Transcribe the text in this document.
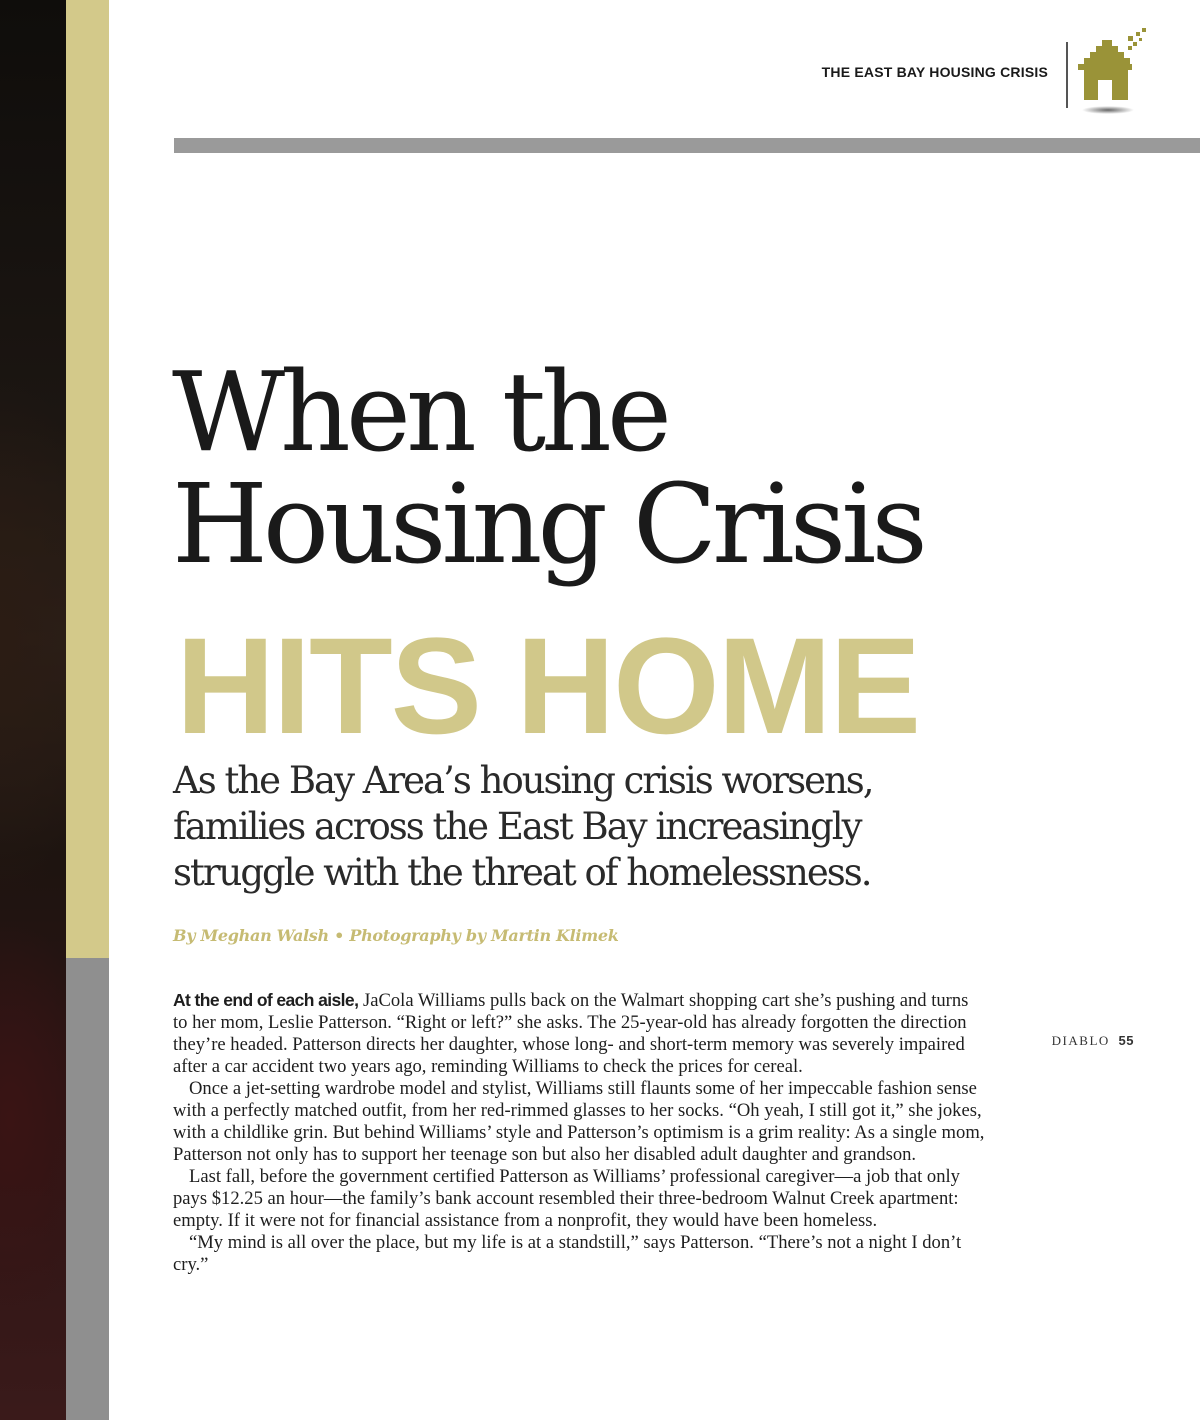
THE EAST BAY HOUSING CRISIS
When the
Housing Crisis
HITS HOME

As the Bay Area’s housing crisis worsens,
families across the East Bay increasingly
struggle with the threat of homelessness.

By Meghan Walsh • Photography by Martin Klimek

At the end of each aisle, JaCola Williams pulls back on the Walmart shopping cart she’s pushing and turns to her mom, Leslie Patterson. “Right or left?” she asks. The 25-year-old has already forgotten the direction they’re headed. Patterson directs her daughter, whose long- and short-term memory was severely impaired after a car accident two years ago, reminding Williams to check the prices for cereal.

Once a jet-setting wardrobe model and stylist, Williams still flaunts some of her impeccable fashion sense with a perfectly matched outfit, from her red-rimmed glasses to her socks. “Oh yeah, I still got it,” she jokes, with a childlike grin. But behind Williams’ style and Patterson’s optimism is a grim reality: As a single mom, Patterson not only has to support her teenage son but also her disabled adult daughter and grandson.

Last fall, before the government certified Patterson as Williams’ professional caregiver—a job that only pays $12.25 an hour—the family’s bank account resembled their three-bedroom Walnut Creek apartment: empty. If it were not for financial assistance from a nonprofit, they would have been homeless.

“My mind is all over the place, but my life is at a standstill,” says Patterson. “There’s not a night I don’t cry.”

DIABLO 55
